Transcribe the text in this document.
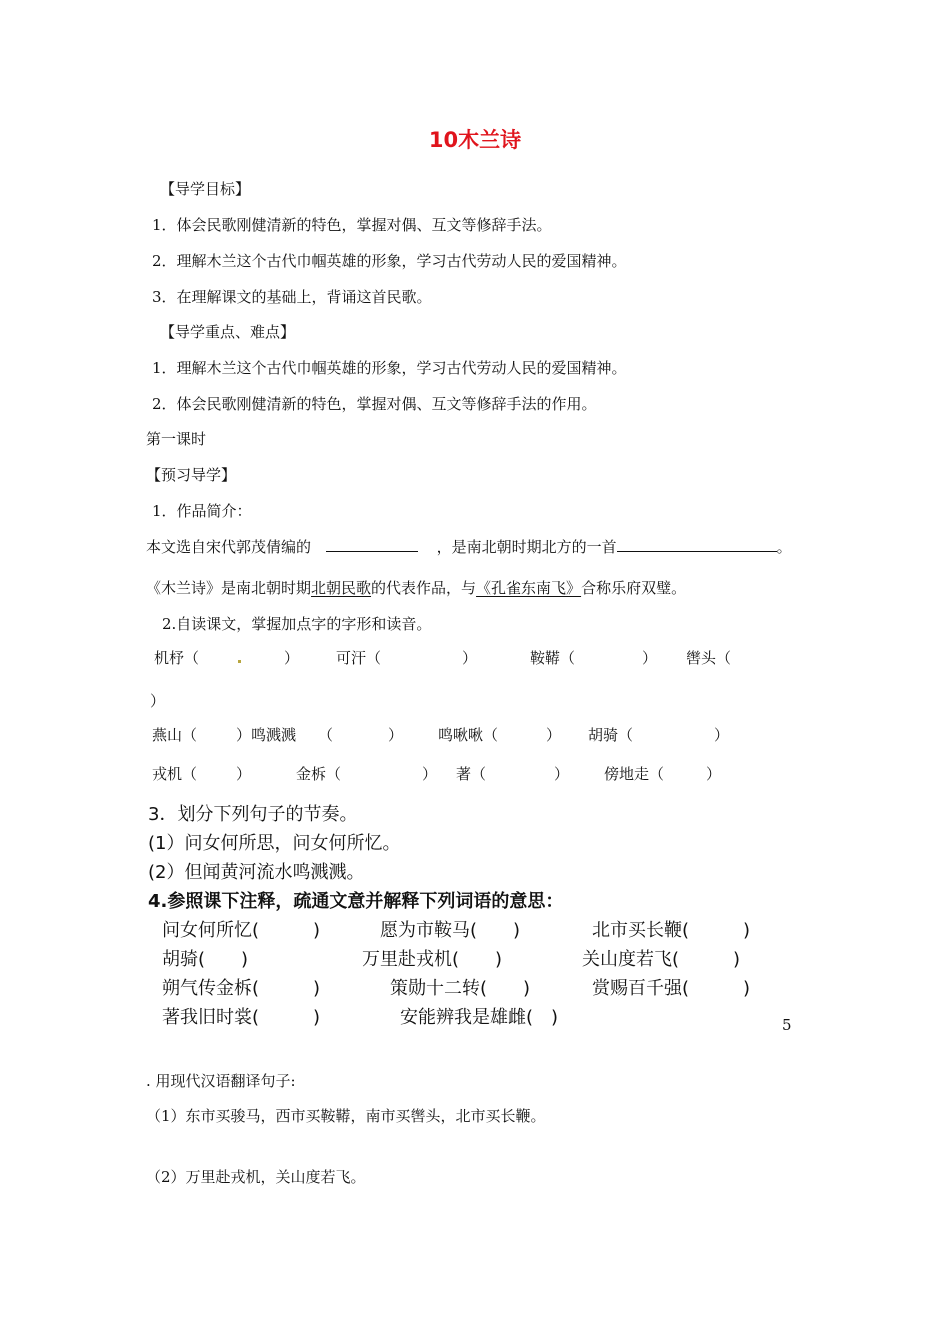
10木兰诗
【导学目标】
1．体会民歌刚健清新的特色，掌握对偶、互文等修辞手法。
2．理解木兰这个古代巾帼英雄的形象，学习古代劳动人民的爱国精神。
3．在理解课文的基础上，背诵这首民歌。
【导学重点、难点】
1．理解木兰这个古代巾帼英雄的形象，学习古代劳动人民的爱国精神。
2．体会民歌刚健清新的特色，掌握对偶、互文等修辞手法的作用。
第一课时
【预习导学】
1．作品简介：
本文选自宋代郭茂倩编的	，是南北朝时期北方的一首	。
《木兰诗》是南北朝时期北朝民歌的代表作品，与《孔雀东南飞》合称乐府双璧。
2.自读课文，掌握加点字的字形和读音。
机杼（	） 可汗（	）	鞍鞯（	） 辔头（
）
燕山（	）鸣溅溅 （	） 鸣啾啾（	） 胡骑（	）
戎机（	）	金柝（	） 著（	） 傍地走（	）
3．划分下列句子的节奏。
(1）问女何所思，问女何所忆。
(2）但闻黄河流水鸣溅溅。
4.参照课下注释，疏通文意并解释下列词语的意思：
问女何所忆(　　　)	愿为市鞍马(　　)	北市买长鞭(　　　)
胡骑(　　)	万里赴戎机(　　)	关山度若飞(　　　)
朔气传金柝(　　　)	策勋十二转(　　)	赏赐百千强(　　　)
著我旧时裳(　　　)	安能辨我是雄雌(　)	5
. 用现代汉语翻译句子:
（1）东市买骏马，西市买鞍鞯，南市买辔头，北市买长鞭。
（2）万里赴戎机，关山度若飞。
